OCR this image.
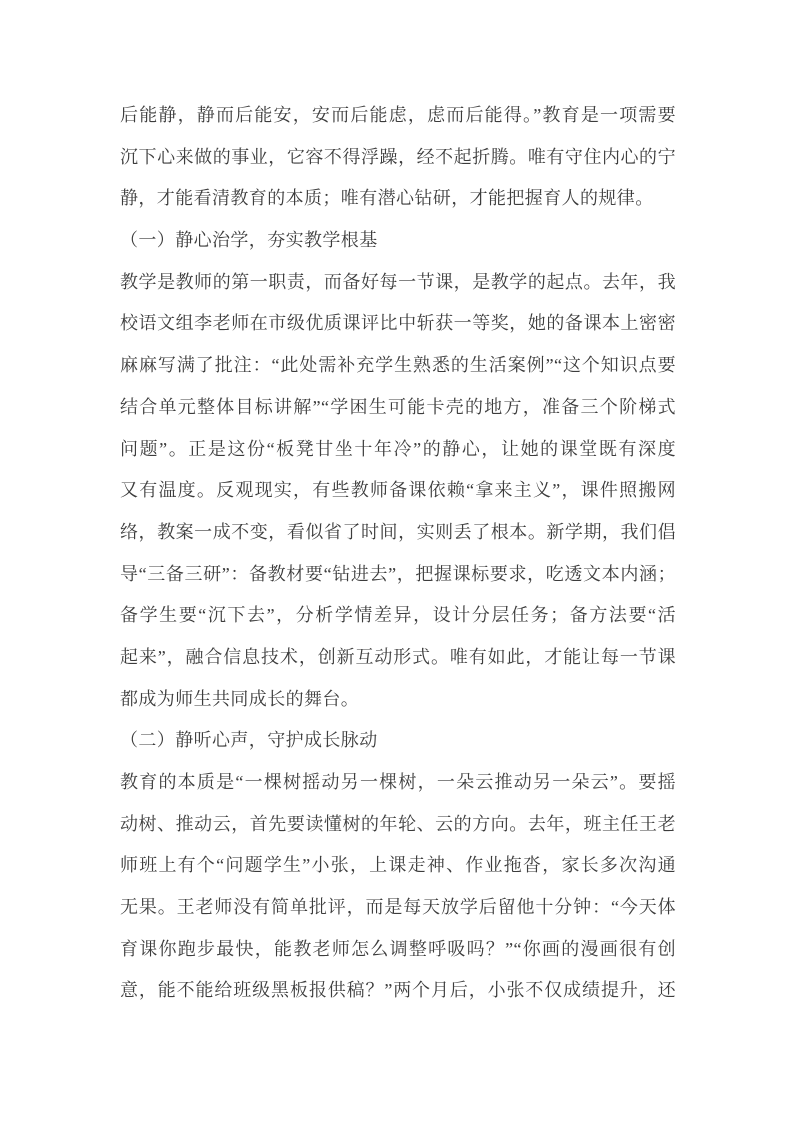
后能静，静而后能安，安而后能虑，虑而后能得。”教育是一项需要
沉下心来做的事业，它容不得浮躁，经不起折腾。唯有守住内心的宁
静，才能看清教育的本质；唯有潜心钻研，才能把握育人的规律。
（一）静心治学，夯实教学根基
教学是教师的第一职责，而备好每一节课，是教学的起点。去年，我
校语文组李老师在市级优质课评比中斩获一等奖，她的备课本上密密
麻麻写满了批注：“此处需补充学生熟悉的生活案例”“这个知识点要
结合单元整体目标讲解”“学困生可能卡壳的地方，准备三个阶梯式
问题”。正是这份“板凳甘坐十年冷”的静心，让她的课堂既有深度
又有温度。反观现实，有些教师备课依赖“拿来主义”，课件照搬网
络，教案一成不变，看似省了时间，实则丢了根本。新学期，我们倡
导“三备三研”：备教材要“钻进去”，把握课标要求，吃透文本内涵；
备学生要“沉下去”，分析学情差异，设计分层任务；备方法要“活
起来”，融合信息技术，创新互动形式。唯有如此，才能让每一节课
都成为师生共同成长的舞台。
（二）静听心声，守护成长脉动
教育的本质是“一棵树摇动另一棵树，一朵云推动另一朵云”。要摇
动树、推动云，首先要读懂树的年轮、云的方向。去年，班主任王老
师班上有个“问题学生”小张，上课走神、作业拖沓，家长多次沟通
无果。王老师没有简单批评，而是每天放学后留他十分钟：“今天体
育课你跑步最快，能教老师怎么调整呼吸吗？”“你画的漫画很有创
意，能不能给班级黑板报供稿？”两个月后，小张不仅成绩提升，还
